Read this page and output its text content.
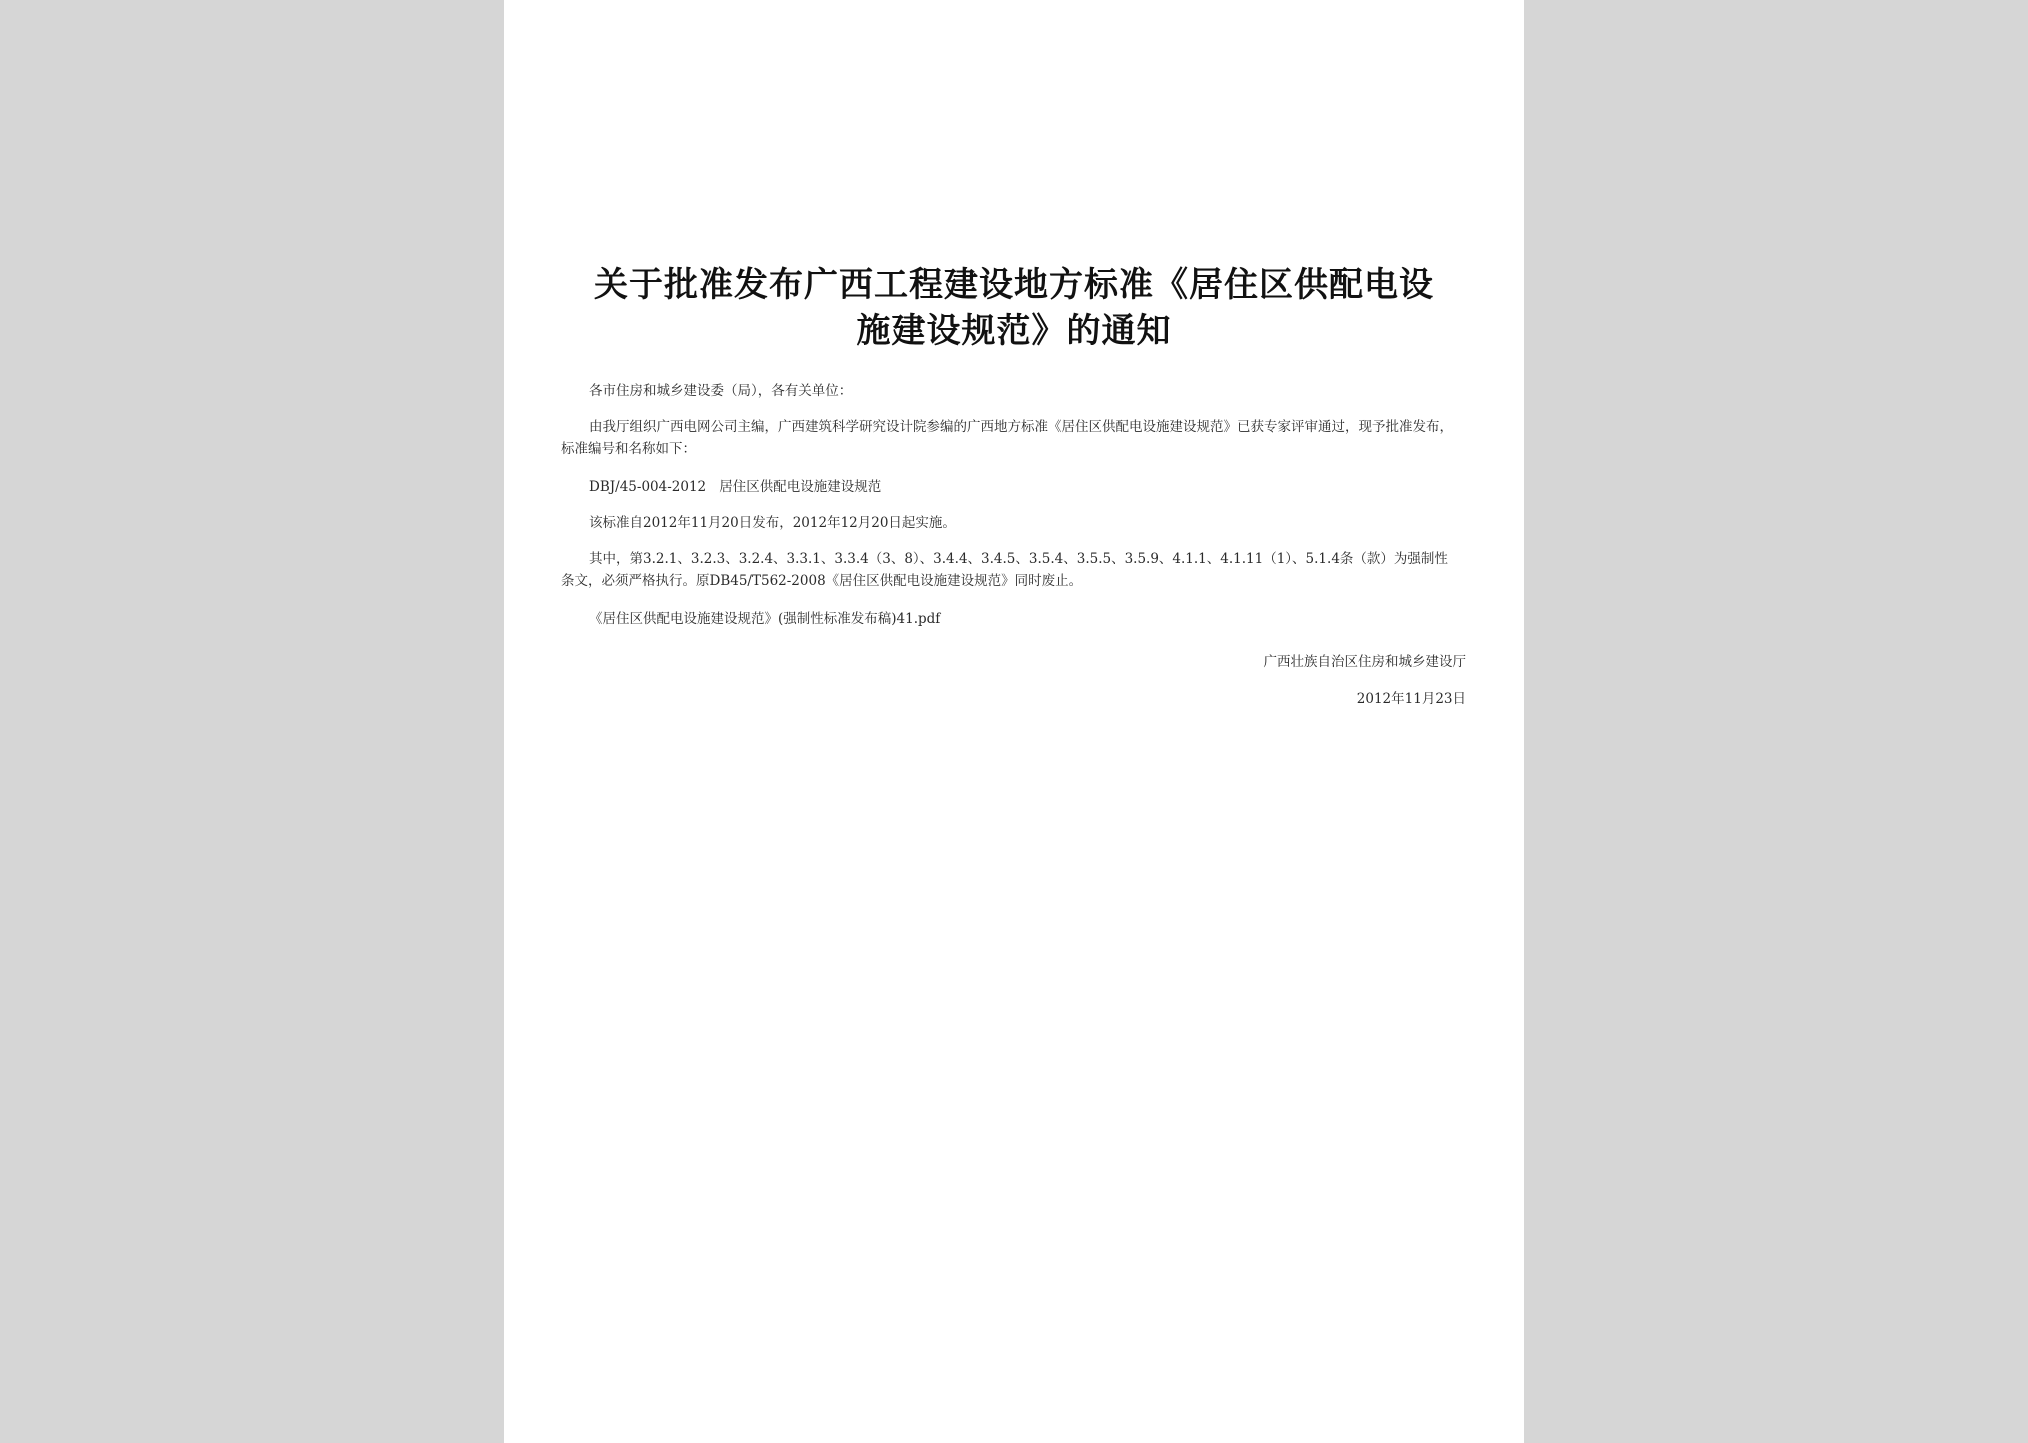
关于批准发布广西工程建设地方标准《居住区供配电设
施建设规范》的通知

各市住房和城乡建设委（局），各有关单位：

由我厅组织广西电网公司主编，广西建筑科学研究设计院参编的广西地方标准《居住区供配电设施建设规范》已获专家评审通过，现予批准发布，标准编号和名称如下：

DBJ/45-004-2012 居住区供配电设施建设规范

该标准自2012年11月20日发布，2012年12月20日起实施。

其中，第3.2.1、3.2.3、3.2.4、3.3.1、3.3.4（3、8）、3.4.4、3.4.5、3.5.4、3.5.5、3.5.9、4.1.1、4.1.11（1）、5.1.4条（款）为强制性条文，必须严格执行。原DB45/T562-2008《居住区供配电设施建设规范》同时废止。

《居住区供配电设施建设规范》(强制性标准发布稿)41.pdf

广西壮族自治区住房和城乡建设厅
2012年11月23日
